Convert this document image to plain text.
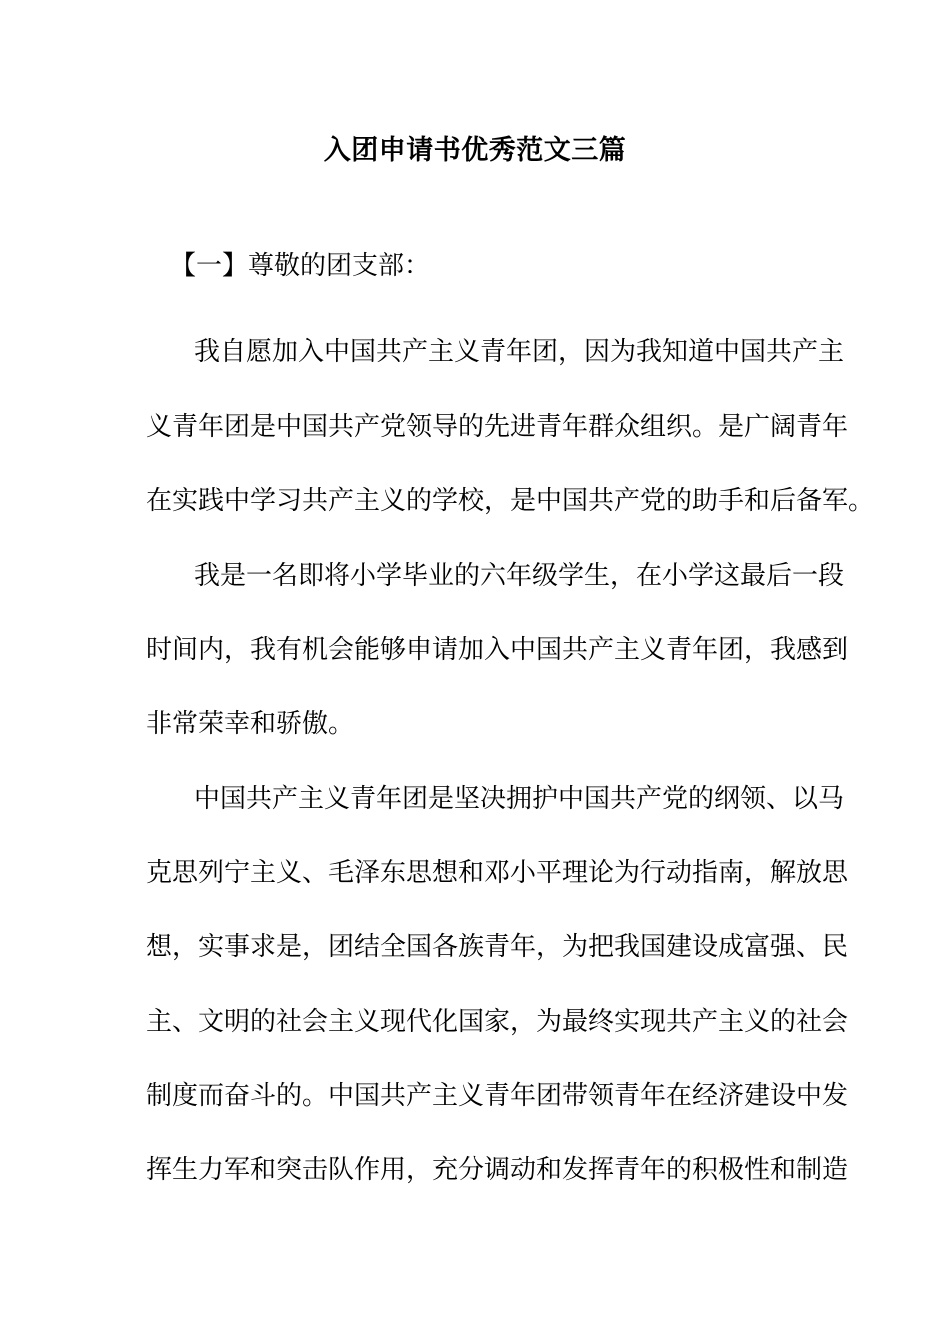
入团申请书优秀范文三篇
【一】尊敬的团支部：
我自愿加入中国共产主义青年团，因为我知道中国共产主
义青年团是中国共产党领导的先进青年群众组织。是广阔青年
在实践中学习共产主义的学校，是中国共产党的助手和后备军。
我是一名即将小学毕业的六年级学生，在小学这最后一段
时间内，我有机会能够申请加入中国共产主义青年团，我感到
非常荣幸和骄傲。
中国共产主义青年团是坚决拥护中国共产党的纲领、以马
克思列宁主义、毛泽东思想和邓小平理论为行动指南，解放思
想，实事求是，团结全国各族青年，为把我国建设成富强、民
主、文明的社会主义现代化国家，为最终实现共产主义的社会
制度而奋斗的。中国共产主义青年团带领青年在经济建设中发
挥生力军和突击队作用，充分调动和发挥青年的积极性和制造
